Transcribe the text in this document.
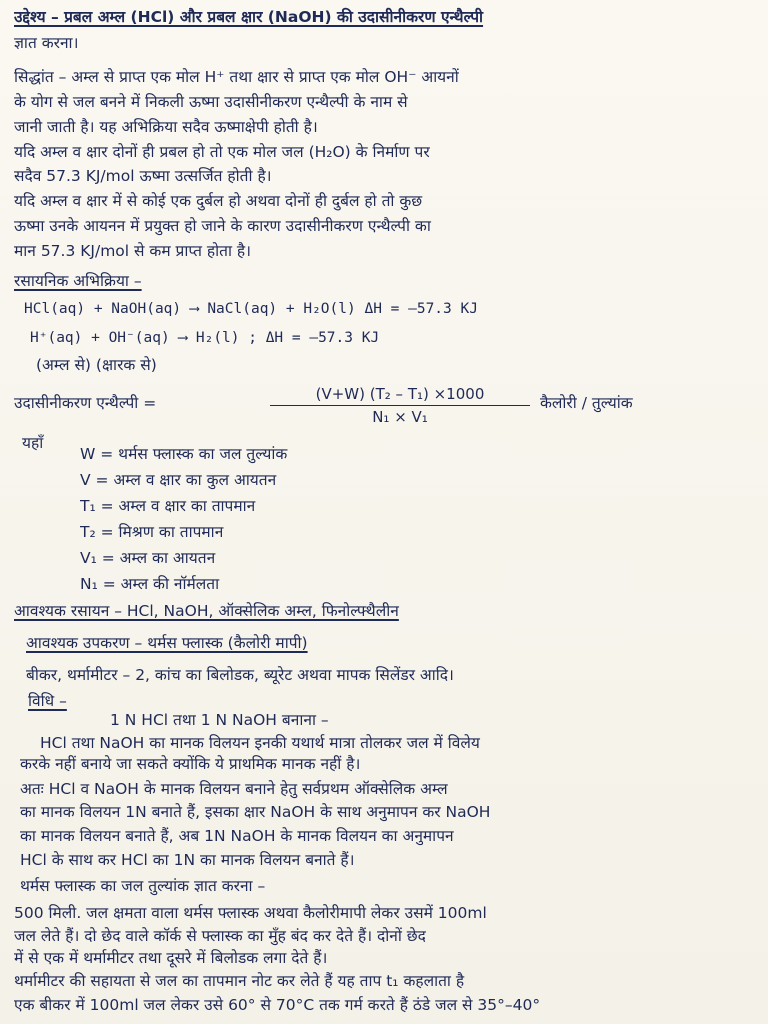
उद्देश्य – प्रबल अम्ल (HCl) और प्रबल क्षार (NaOH) की उदासीनीकरण एन्थैल्पी
ज्ञात करना।
सिद्धांत – अम्ल से प्राप्त एक मोल H⁺ तथा क्षार से प्राप्त एक मोल OH⁻ आयनों
के योग से जल बनने में निकली ऊष्मा उदासीनीकरण एन्थैल्पी के नाम से
जानी जाती है। यह अभिक्रिया सदैव ऊष्माक्षेपी होती है।
यदि अम्ल व क्षार दोनों ही प्रबल हो तो एक मोल जल (H₂O) के निर्माण पर
सदैव 57.3 KJ/mol ऊष्मा उत्सर्जित होती है।
यदि अम्ल व क्षार में से कोई एक दुर्बल हो अथवा दोनों ही दुर्बल हो तो कुछ
ऊष्मा उनके आयनन में प्रयुक्त हो जाने के कारण उदासीनीकरण एन्थैल्पी का
मान 57.3 KJ/mol से कम प्राप्त होता है।
रसायनिक अभिक्रिया –
HCl(aq) + NaOH(aq) ⟶ NaCl(aq) + H₂O(l) ΔH = –57.3 KJ
H⁺(aq) + OH⁻(aq) ⟶ H₂(l) ; ΔH = –57.3 KJ
(अम्ल से) (क्षारक से)
उदासीनीकरण एन्थैल्पी =	$\frac{\text{(V+W) (T₂ – T₁) ×1000}}{\text{N₁ × V₁}}$ कैलोरी / तुल्यांक
यहाँ
W = थर्मस फ्लास्क का जल तुल्यांक
V = अम्ल व क्षार का कुल आयतन
T₁ = अम्ल व क्षार का तापमान
T₂ = मिश्रण का तापमान
V₁ = अम्ल का आयतन
N₁ = अम्ल की नॉर्मलता
आवश्यक रसायन – HCl, NaOH, ऑक्सेलिक अम्ल, फिनोल्फ्थैलीन
आवश्यक उपकरण – थर्मस फ्लास्क (कैलोरी मापी)
बीकर, थर्मामीटर – 2, कांच का बिलोडक, ब्यूरेट अथवा मापक सिलेंडर आदि।
विधि –
1 N HCl तथा 1 N NaOH बनाना –
HCl तथा NaOH का मानक विलयन इनकी यथार्थ मात्रा तोलकर जल में विलेय
करके नहीं बनाये जा सकते क्योंकि ये प्राथमिक मानक नहीं है।
अतः HCl व NaOH के मानक विलयन बनाने हेतु सर्वप्रथम ऑक्सेलिक अम्ल
का मानक विलयन 1N बनाते हैं, इसका क्षार NaOH के साथ अनुमापन कर NaOH
का मानक विलयन बनाते हैं, अब 1N NaOH के मानक विलयन का अनुमापन
HCl के साथ कर HCl का 1N का मानक विलयन बनाते हैं।
थर्मस फ्लास्क का जल तुल्यांक ज्ञात करना –
500 मिली. जल क्षमता वाला थर्मस फ्लास्क अथवा कैलोरीमापी लेकर उसमें 100ml
जल लेते हैं। दो छेद वाले कॉर्क से फ्लास्क का मुँह बंद कर देते हैं। दोनों छेद
में से एक में थर्मामीटर तथा दूसरे में बिलोडक लगा देते हैं।
थर्मामीटर की सहायता से जल का तापमान नोट कर लेते हैं यह ताप t₁ कहलाता है
एक बीकर में 100ml जल लेकर उसे 60° से 70°C तक गर्म करते हैं ठंडे जल से 35°–40°
